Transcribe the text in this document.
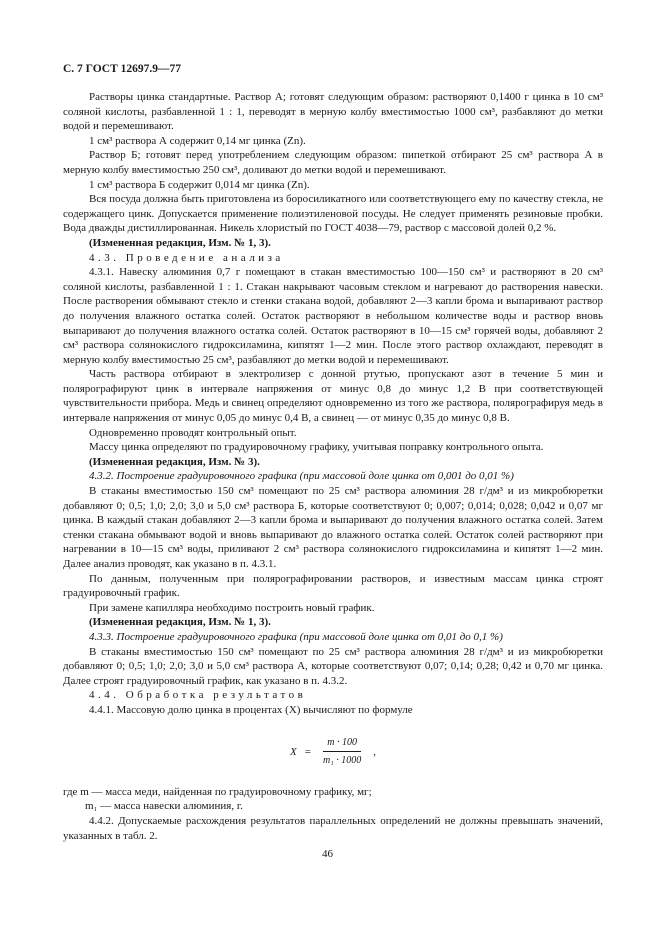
С. 7 ГОСТ 12697.9—77

Растворы цинка стандартные. Раствор А; готовят следующим образом: растворяют 0,1400 г цинка в 10 см³ соляной кислоты, разбавленной 1 : 1, переводят в мерную колбу вместимостью 1000 см³, разбавляют до метки водой и перемешивают.

1 см³ раствора А содержит 0,14 мг цинка (Zn).

Раствор Б; готовят перед употреблением следующим образом: пипеткой отбирают 25 см³ раствора А в мерную колбу вместимостью 250 см³, доливают до метки водой и перемешивают.

1 см³ раствора Б содержит 0,014 мг цинка (Zn).

Вся посуда должна быть приготовлена из боросиликатного или соответствующего ему по качеству стекла, не содержащего цинк. Допускается применение полиэтиленовой посуды. Не следует применять резиновые пробки. Вода дважды дистиллированная. Никель хлористый по ГОСТ 4038—79, раствор с массовой долей 0,2 %.

(Измененная редакция, Изм. № 1, 3).

4.3. Проведение анализа

4.3.1. Навеску алюминия 0,7 г помещают в стакан вместимостью 100—150 см³ и растворяют в 20 см³ соляной кислоты, разбавленной 1 : 1. Стакан накрывают часовым стеклом и нагревают до растворения навески. После растворения обмывают стекло и стенки стакана водой, добавляют 2—3 капли брома и выпаривают раствор до получения влажного остатка солей. Остаток растворяют в небольшом количестве воды и раствор вновь выпаривают до получения влажного остатка солей. Остаток растворяют в 10—15 см³ горячей воды, добавляют 2 см³ раствора солянокислого гидроксиламина, кипятят 1—2 мин. После этого раствор охлаждают, переводят в мерную колбу вместимостью 25 см³, разбавляют до метки водой и перемешивают.

Часть раствора отбирают в электролизер с донной ртутью, пропускают азот в течение 5 мин и полярографируют цинк в интервале напряжения от минус 0,8 до минус 1,2 В при соответствующей чувствительности прибора. Медь и свинец определяют одновременно из того же раствора, полярографируя медь в интервале напряжения от минус 0,05 до минус 0,4 В, а свинец — от минус 0,35 до минус 0,8 В.

Одновременно проводят контрольный опыт.

Массу цинка определяют по градуировочному графику, учитывая поправку контрольного опыта.

(Измененная редакция, Изм. № 3).

4.3.2. Построение градуировочного графика (при массовой доле цинка от 0,001 до 0,01 %)

В стаканы вместимостью 150 см³ помещают по 25 см³ раствора алюминия 28 г/дм³ и из микробюретки добавляют 0; 0,5; 1,0; 2,0; 3,0 и 5,0 см³ раствора Б, которые соответствуют 0; 0,007; 0,014; 0,028; 0,042 и 0,07 мг цинка. В каждый стакан добавляют 2—3 капли брома и выпаривают до получения влажного остатка солей. Затем стенки стакана обмывают водой и вновь выпаривают до влажного остатка солей. Остаток солей растворяют при нагревании в 10—15 см³ воды, приливают 2 см³ раствора солянокислого гидроксиламина и кипятят 1—2 мин. Далее анализ проводят, как указано в п. 4.3.1.

По данным, полученным при полярографировании растворов, и известным массам цинка строят градуировочный график.

При замене капилляра необходимо построить новый график.

(Измененная редакция, Изм. № 1, 3).

4.3.3. Построение градуировочного графика (при массовой доле цинка от 0,01 до 0,1 %)

В стаканы вместимостью 150 см³ помещают по 25 см³ раствора алюминия 28 г/дм³ и из микробюретки добавляют 0; 0,5; 1,0; 2,0; 3,0 и 5,0 см³ раствора А, которые соответствуют 0,07; 0,14; 0,28; 0,42 и 0,70 мг цинка. Далее строят градуировочный график, как указано в п. 4.3.2.

4.4. Обработка результатов

4.4.1. Массовую долю цинка в процентах (X) вычисляют по формуле

$X = \frac{m \cdot 100}{\text{m₁ · 1000}}$ ,

где m — масса меди, найденная по градуировочному графику, мг;

m₁ — масса навески алюминия, г.

4.4.2. Допускаемые расхождения результатов параллельных определений не должны превышать значений, указанных в табл. 2.

46
